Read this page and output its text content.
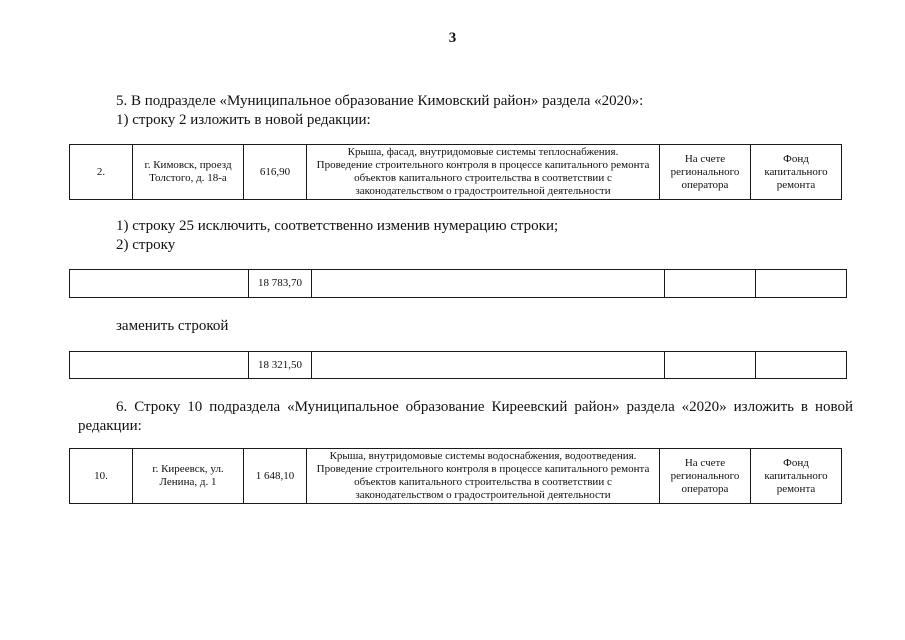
3
5. В подразделе «Муниципальное образование Кимовский район» раздела «2020»:
1) строку 2 изложить в новой редакции:
2.	г. Кимовск, проезд Толстого, д. 18-а	616,90	Крыша, фасад, внутридомовые системы теплоснабжения.
Проведение строительного контроля в процессе капитального ремонта объектов капитального строительства в соответствии с законодательством о градостроительной деятельности	На счете регионального оператора	Фонд капитального ремонта
1) строку 25 исключить, соответственно изменив нумерацию строки;
2) строку
	18 783,70			
заменить строкой
	18 321,50			
6. Строку 10 подраздела «Муниципальное образование Киреевский район» раздела «2020» изложить в новой редакции:
10.	г. Киреевск, ул. Ленина, д. 1	1 648,10	Крыша, внутридомовые системы водоснабжения, водоотведения.
Проведение строительного контроля в процессе капитального ремонта объектов капитального строительства в соответствии с законодательством о градостроительной деятельности	На счете регионального оператора	Фонд капитального ремонта
